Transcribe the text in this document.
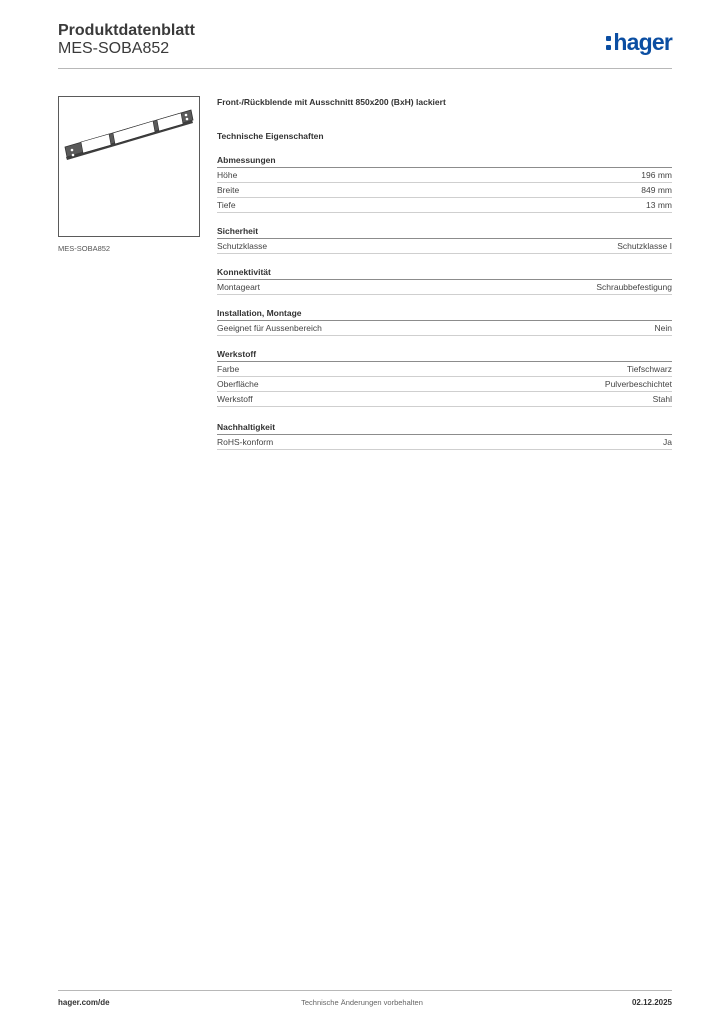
Produktdatenblatt
MES-SOBA852	hager
MES-SOBA852
Front-/Rückblende mit Ausschnitt 850x200 (BxH) lackiert
Technische Eigenschaften
Abmessungen
Höhe	196 mm
Breite	849 mm
Tiefe	13 mm
Sicherheit
Schutzklasse	Schutzklasse I
Konnektivität
Montageart	Schraubbefestigung
Installation, Montage
Geeignet für Aussenbereich	Nein
Werkstoff
Farbe	Tiefschwarz
Oberfläche	Pulverbeschichtet
Werkstoff	Stahl
Nachhaltigkeit
RoHS-konform	Ja
hager.com/de	Technische Änderungen vorbehalten	02.12.2025
